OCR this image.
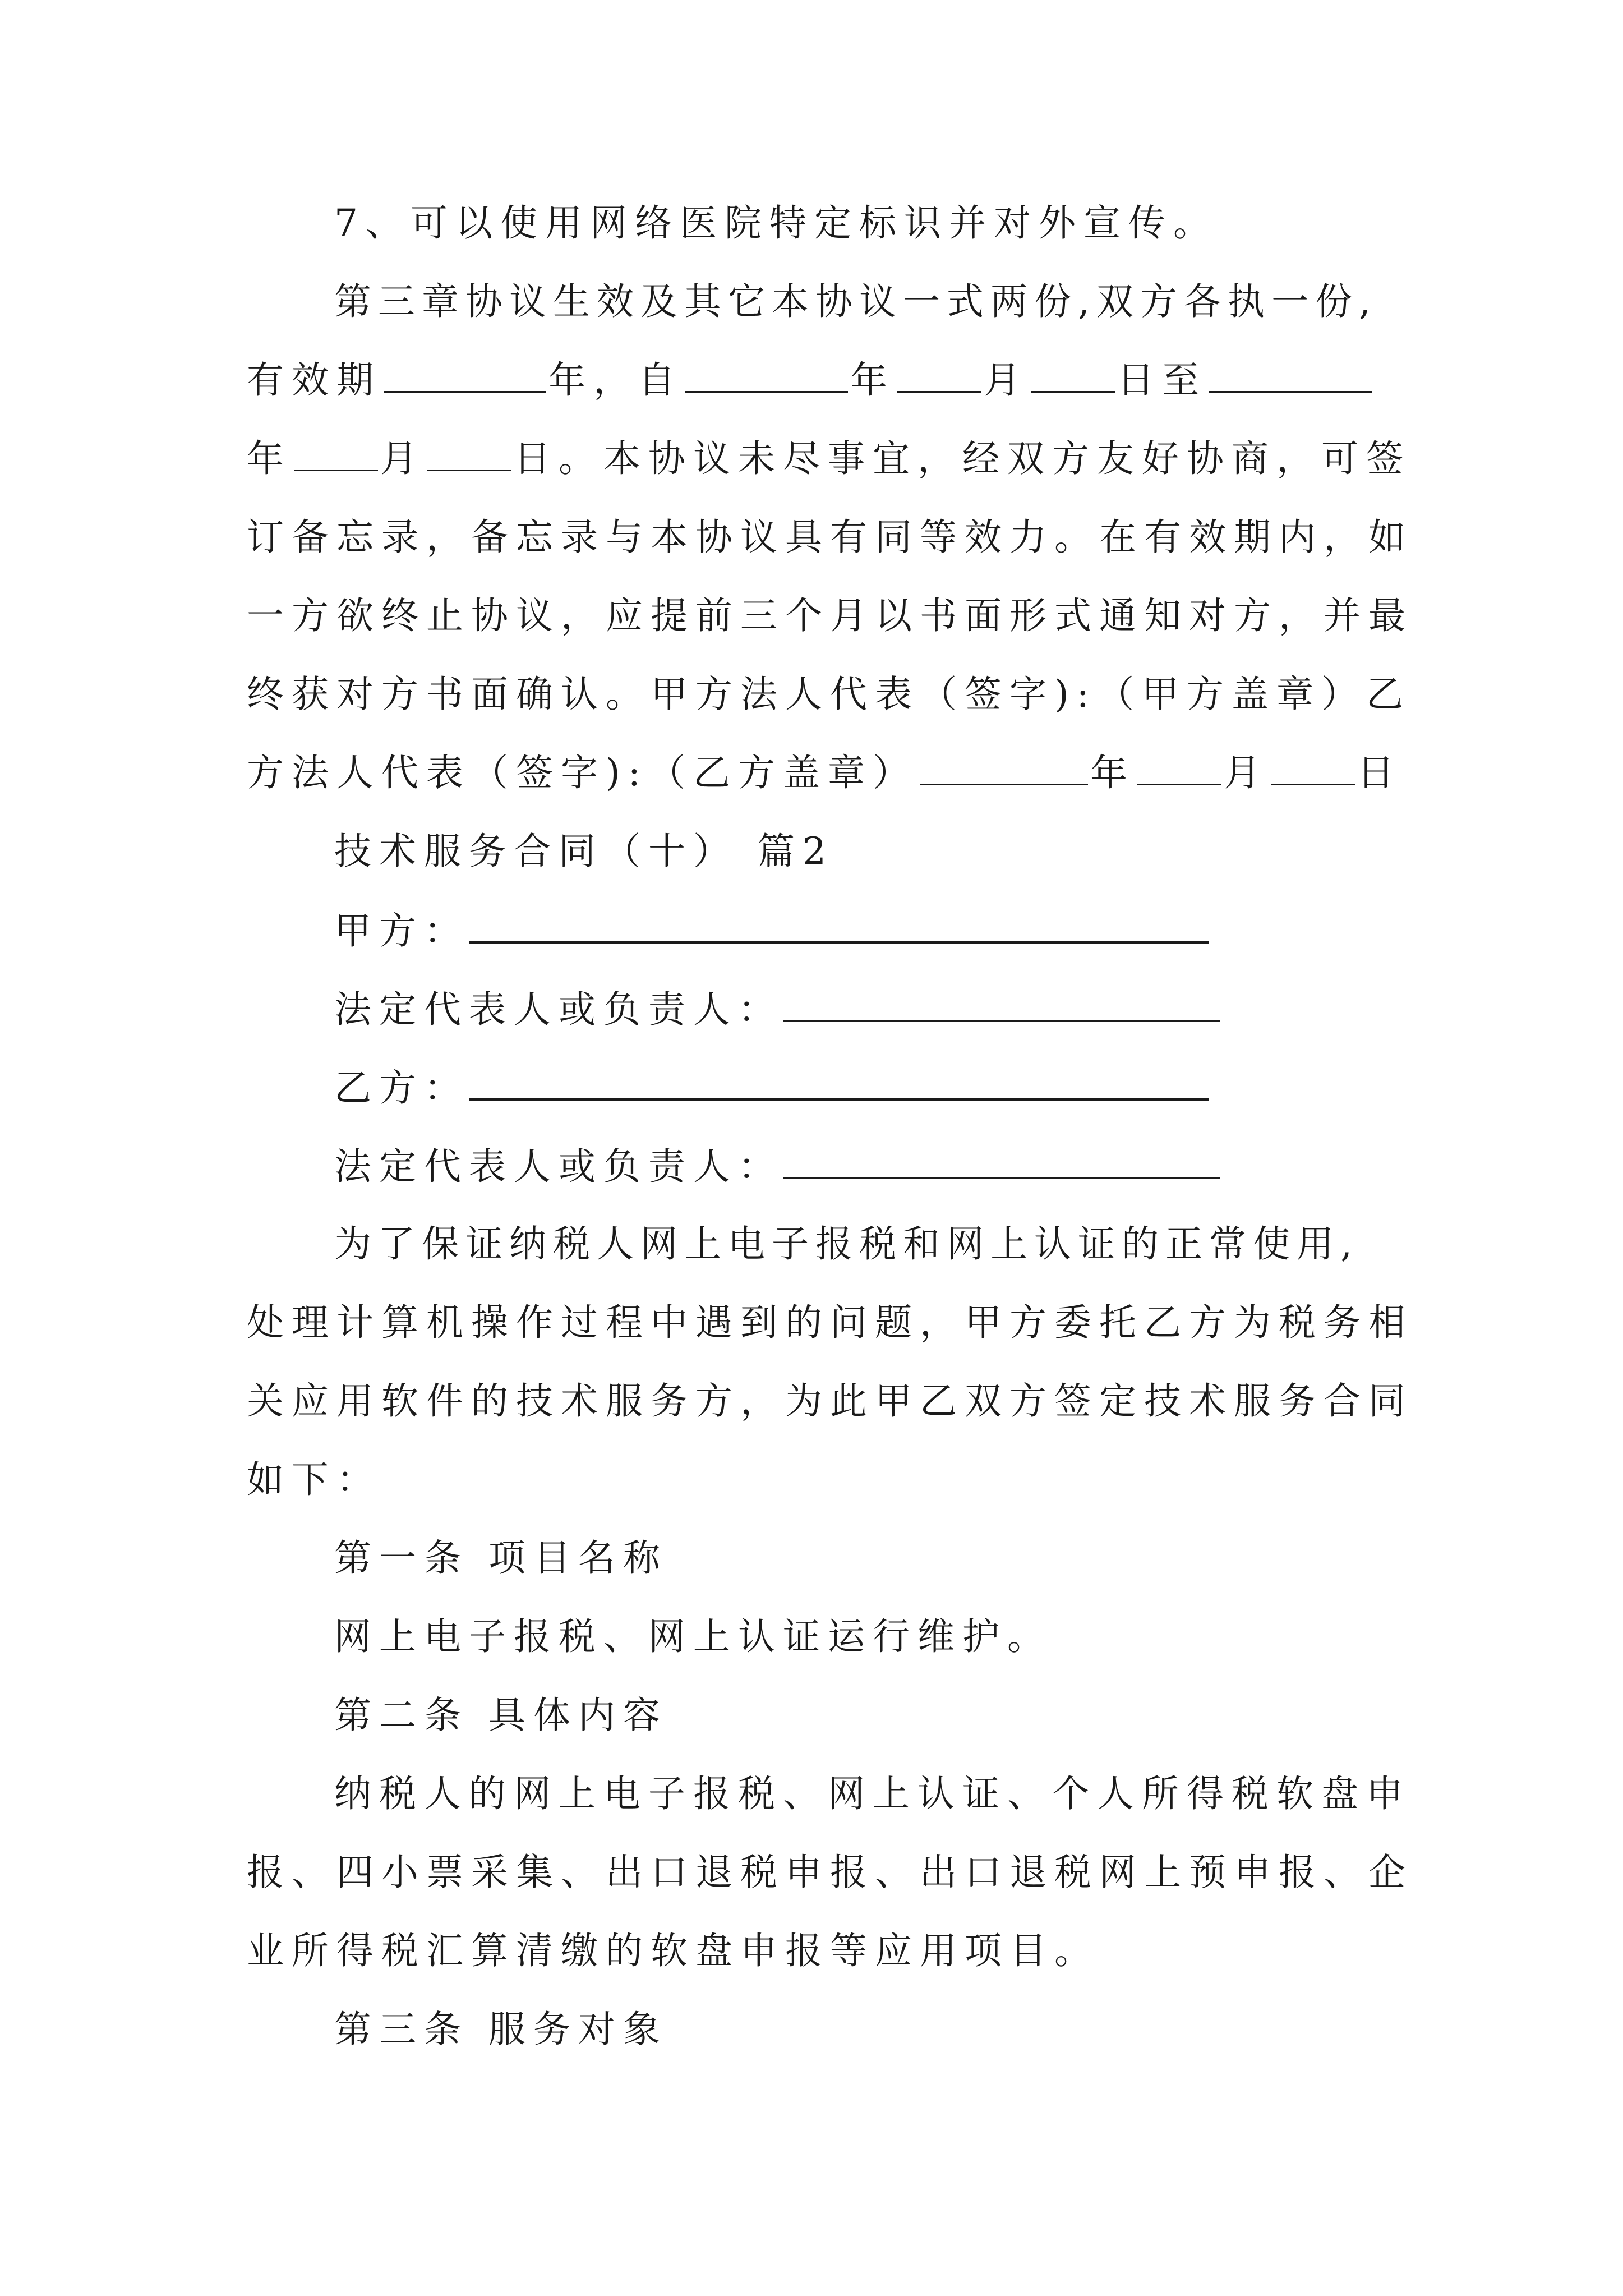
7、可以使用网络医院特定标识并对外宣传。
第三章协议生效及其它本协议一式两份,双方各执一份,
有效期	年，自	年 月 日至
年 月 日。本协议未尽事宜，经双方友好协商，可签
订备忘录，备忘录与本协议具有同等效力。在有效期内，如
一方欲终止协议，应提前三个月以书面形式通知对方，并最
终获对方书面确认。甲方法人代表（签字):（甲方盖章）乙
方法人代表（签字):（乙方盖章）	年 月 日
技术服务合同（十） 篇2
甲方：
法定代表人或负责人：
乙方：
法定代表人或负责人：
为了保证纳税人网上电子报税和网上认证的正常使用,
处理计算机操作过程中遇到的问题，甲方委托乙方为税务相
关应用软件的技术服务方，为此甲乙双方签定技术服务合同
如下：
第一条 项目名称
网上电子报税、网上认证运行维护。
第二条 具体内容
纳税人的网上电子报税、网上认证、个人所得税软盘申
报、四小票采集、出口退税申报、出口退税网上预申报、企
业所得税汇算清缴的软盘申报等应用项目。
第三条 服务对象
